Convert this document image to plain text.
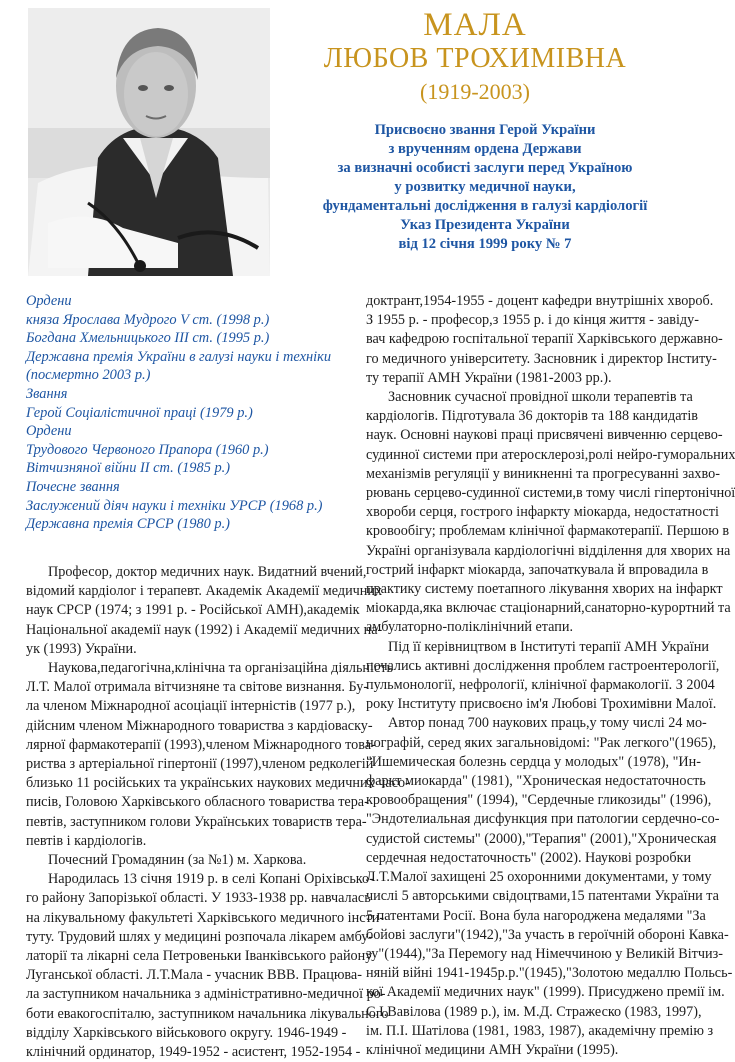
МАЛА
ЛЮБОВ ТРОХИМІВНА
(1919-2003)
Присвоєно звання Герой України
з врученням ордена Держави
за визначні особисті заслуги перед Україною
у розвитку медичної науки,
фундаментальні дослідження в галузі кардіології
Указ Президента України
від 12 січня 1999 року № 7
Ордени
княза Ярослава Мудрого V ст. (1998 р.)
Богдана Хмельницького III ст. (1995 р.)
Державна премія України в галузі науки і техніки
(посмертно 2003 р.)
Звання
Герой Соціалістичної праці (1979 р.)
Ордени
Трудового Червоного Прапора (1960 р.)
Вітчизняної війни II ст. (1985 р.)
Почесне звання
Заслужений діяч науки і техніки УРСР (1968 р.)
Державна премія СРСР (1980 р.)
Професор, доктор медичних наук. Видатний вчений,
відомий кардіолог і терапевт. Академік Академії медичних
наук СРСР (1974; з 1991 р. - Російської АМН),академік
Національної академії наук (1992) і Академії медичних на-
ук (1993) України.
Наукова,педагогічна,клінічна та організаційна діяльність
Л.Т. Малої отримала вітчизняне та світове визнання. Бу-
ла членом Міжнародної асоціації інтерністів (1977 р.),
дійсним членом Міжнародного товариства з кардіоваску-
лярної фармакотерапії (1993),членом Міжнародного това-
риства з артеріальної гіпертонії (1997),членом редколегій
близько 11 російських та українських наукових медичних часо-
писів, Головою Харківського обласного товариства тера-
певтів, заступником голови Українських товариств тера-
певтів і кардіологів.
Почесний Громадянин (за №1) м. Харкова.
Народилась 13 січня 1919 р. в селі Копані Оріхівсько-
го району Запорізької області. У 1933-1938 рр. навчалась
на лікувальному факультеті Харківського медичного інсти-
туту. Трудовий шлях у медицині розпочала лікарем амбу-
латорії та лікарні села Петровеньки Іванківського району
Луганської області. Л.Т.Мала - учасник ВВВ. Працюва-
ла заступником начальника з адміністративно-медичної ро-
боти евакогоспіталю, заступником начальника лікувального
відділу Харківського військового округу. 1946-1949 -
клінічний ординатор, 1949-1952 - асистент, 1952-1954 -
доктрант,1954-1955 - доцент кафедри внутрішніх хвороб.
З 1955 р. - професор,з 1955 р. і до кінця життя - завіду-
вач кафедрою госпітальної терапії Харківського державно-
го медичного університету. Засновник і директор Інститу-
ту терапії АМН України (1981-2003 рр.).
Засновник сучасної провідної школи терапевтів та
кардіологів. Підготувала 36 докторів та 188 кандидатів
наук. Основні наукові праці присвячені вивченню серцево-
судинної системи при атеросклерозі,ролі нейро-гуморальних
механізмів регуляції у виникненні та прогресуванні захво-
рювань серцево-судинної системи,в тому числі гіпертонічної
хвороби серця, гострого інфаркту міокарда, недостатності
кровообігу; проблемам клінічної фармакотерапії. Першою в
Україні організувала кардіологічні відділення для хворих на
гострий інфаркт міокарда, започаткувала й впровадила в
практику систему поетапного лікування хворих на інфаркт
міокарда,яка включає стаціонарний,санаторно-курортний та
амбулаторно-поліклінічний етапи.
Під її керівництвом в Інституті терапії АМН України
почались активні дослідження проблем гастроентерології,
пульмонології, нефрології, клінічної фармакології. З 2004
року Інституту присвоєно ім'я Любові Трохимівни Малої.
Автор понад 700 наукових праць,у тому числі 24 мо-
нографій, серед яких загальновідомі: "Рак легкого"(1965),
"Ишемическая болезнь сердца у молодых" (1978), "Ин-
фаркт миокарда" (1981), "Хроническая недостаточность
кровообращения" (1994), "Сердечные гликозиды" (1996),
"Эндотелиальная дисфункция при патологии сердечно-со-
судистой системы" (2000),"Терапия" (2001),"Хроническая
сердечная недостаточность" (2002). Наукові розробки
Л.Т.Малої захищені 25 охоронними документами, у тому
числі 5 авторськими свідоцтвами,15 патентами України та
5 патентами Росії. Вона була нагороджена медалями "За
бойові заслуги"(1942),"За участь в героїчній обороні Кавка-
зу"(1944),"За Перемогу над Німеччиною у Великій Вітчиз-
няній війні 1941-1945р.р."(1945),"Золотою медаллю Польсь-
кої Академії медичних наук" (1999). Присуджено премії ім.
С.І.Вавілова (1989 р.), ім. М.Д. Стражеско (1983, 1997),
ім. П.І. Шатілова (1981, 1983, 1987), академічну премію з
клінічної медицини АМН України (1995).
